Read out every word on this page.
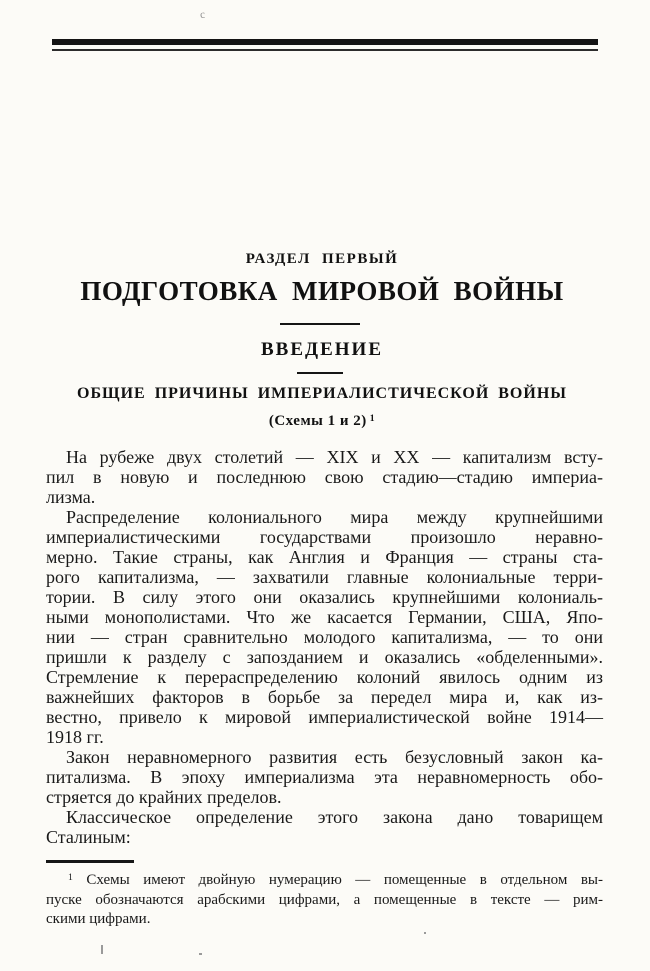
с
РАЗДЕЛ ПЕРВЫЙ
ПОДГОТОВКА МИРОВОЙ ВОЙНЫ
ВВЕДЕНИЕ
ОБЩИЕ ПРИЧИНЫ ИМПЕРИАЛИСТИЧЕСКОЙ ВОЙНЫ
(Схемы 1 и 2) $^1$
На рубеже двух столетий — XIX и XX — капитализм всту-
пил в новую и последнюю свою стадию—стадию империа-
лизма.
Распределение колониального мира между крупнейшими
империалистическими государствами произошло неравно-
мерно. Такие страны, как Англия и Франция — страны ста-
рого капитализма, — захватили главные колониальные терри-
тории. В силу этого они оказались крупнейшими колониаль-
ными монополистами. Что же касается Германии, США, Япо-
нии — стран сравнительно молодого капитализма, — то они
пришли к разделу с запозданием и оказались «обделенными».
Стремление к перераспределению колоний явилось одним из
важнейших факторов в борьбе за передел мира и, как из-
вестно, привело к мировой империалистической войне 1914—
1918 гг.
Закон неравномерного развития есть безусловный закон ка-
питализма. В эпоху империализма эта неравномерность обо-
стряется до крайних пределов.
Классическое определение этого закона дано товарищем
Сталиным:
$^1$ Схемы имеют двойную нумерацию — помещенные в отдельном вы-
пуске обозначаются арабскими цифрами, а помещенные в тексте — рим-
скими цифрами.
